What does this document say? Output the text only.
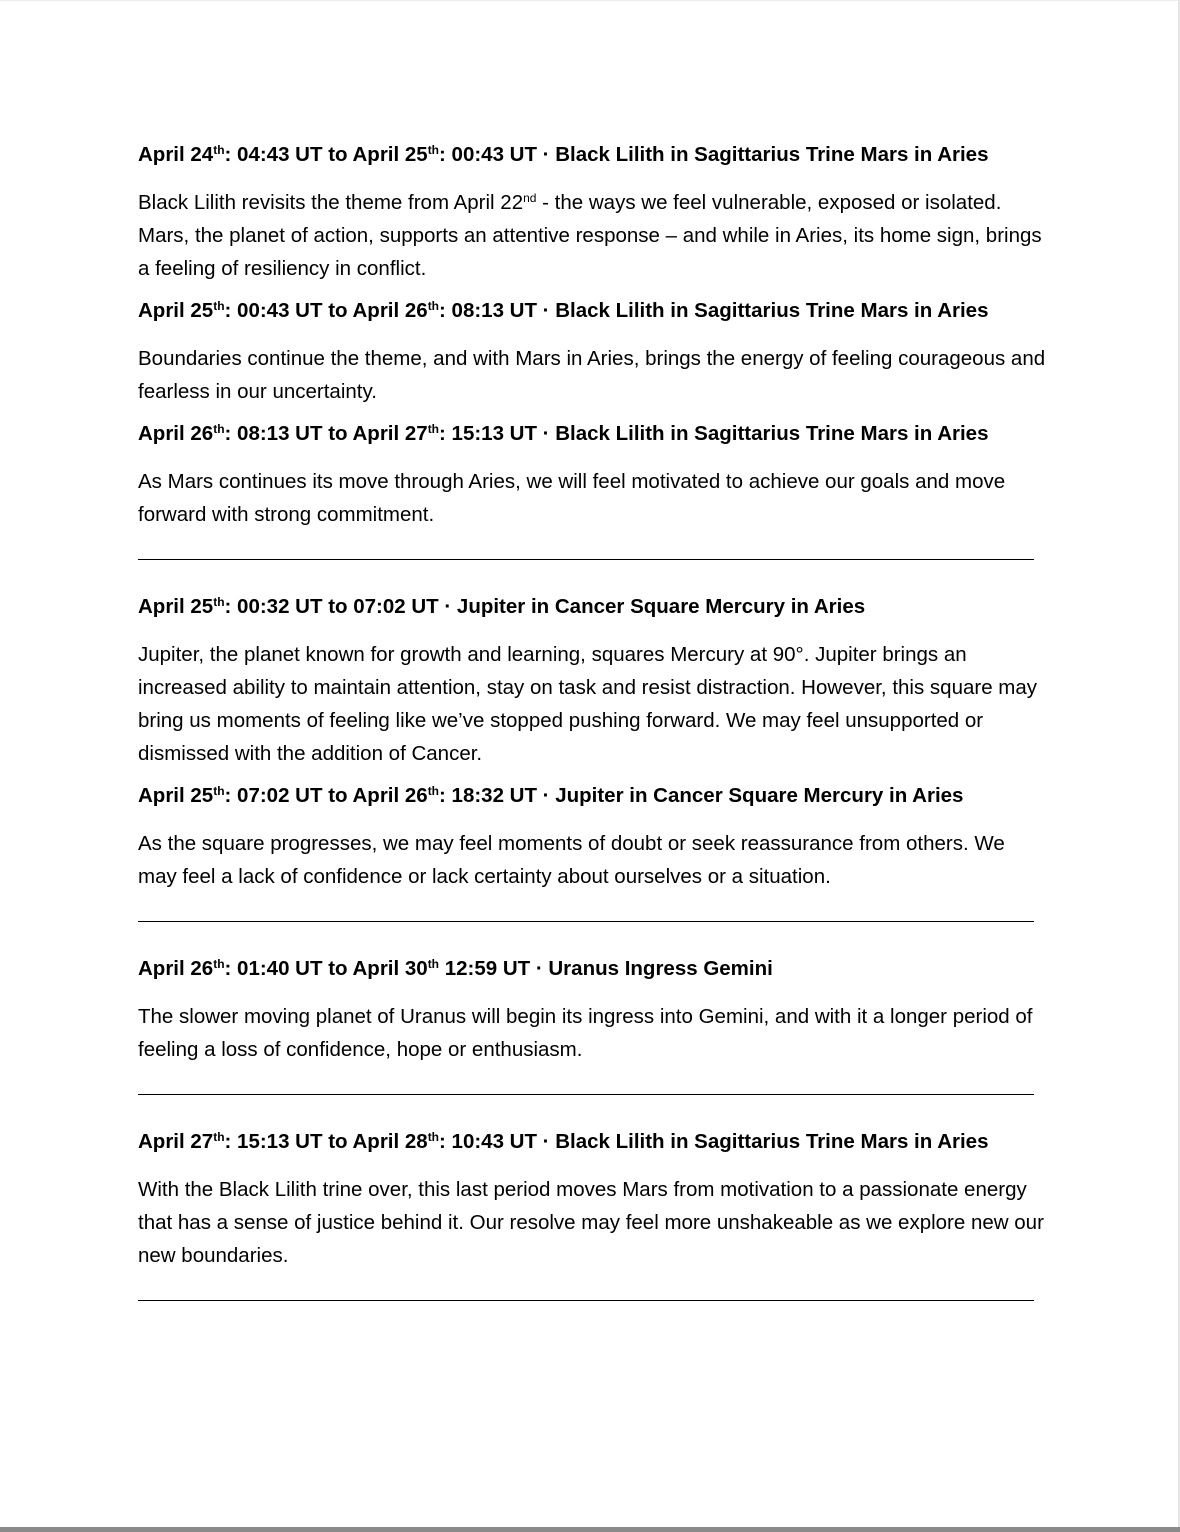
April 24th: 04:43 UT to April 25th: 00:43 UT · Black Lilith in Sagittarius Trine Mars in Aries
Black Lilith revisits the theme from April 22nd - the ways we feel vulnerable, exposed or isolated. Mars, the planet of action, supports an attentive response – and while in Aries, its home sign, brings a feeling of resiliency in conflict.
April 25th: 00:43 UT to April 26th: 08:13 UT · Black Lilith in Sagittarius Trine Mars in Aries
Boundaries continue the theme, and with Mars in Aries, brings the energy of feeling courageous and fearless in our uncertainty.
April 26th: 08:13 UT to April 27th: 15:13 UT · Black Lilith in Sagittarius Trine Mars in Aries
As Mars continues its move through Aries, we will feel motivated to achieve our goals and move forward with strong commitment.
April 25th: 00:32 UT to 07:02 UT · Jupiter in Cancer Square Mercury in Aries
Jupiter, the planet known for growth and learning, squares Mercury at 90°. Jupiter brings an increased ability to maintain attention, stay on task and resist distraction. However, this square may bring us moments of feeling like we’ve stopped pushing forward. We may feel unsupported or dismissed with the addition of Cancer.
April 25th: 07:02 UT to April 26th: 18:32 UT · Jupiter in Cancer Square Mercury in Aries
As the square progresses, we may feel moments of doubt or seek reassurance from others. We may feel a lack of confidence or lack certainty about ourselves or a situation.
April 26th: 01:40 UT to April 30th 12:59 UT · Uranus Ingress Gemini
The slower moving planet of Uranus will begin its ingress into Gemini, and with it a longer period of feeling a loss of confidence, hope or enthusiasm.
April 27th: 15:13 UT to April 28th: 10:43 UT · Black Lilith in Sagittarius Trine Mars in Aries
With the Black Lilith trine over, this last period moves Mars from motivation to a passionate energy that has a sense of justice behind it. Our resolve may feel more unshakeable as we explore new our new boundaries.
